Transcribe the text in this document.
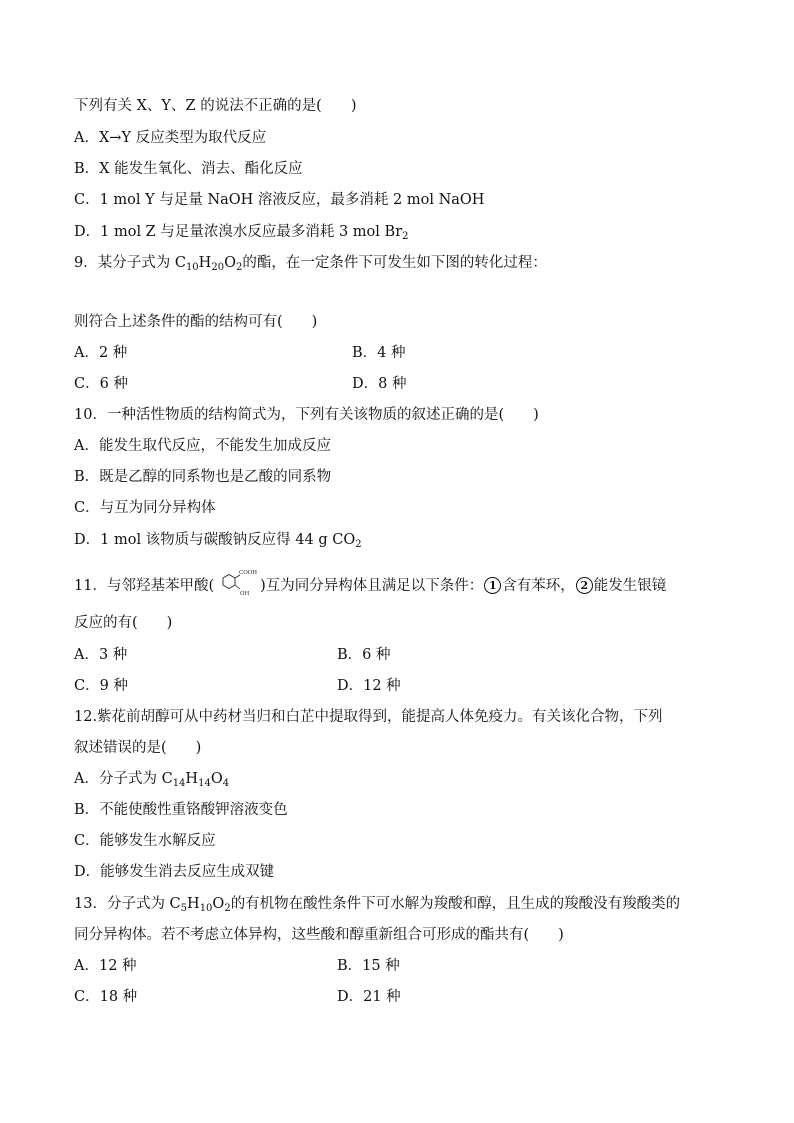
下列有关 X、Y、Z 的说法不正确的是(　　)
A．X→Y 反应类型为取代反应
B．X 能发生氧化、消去、酯化反应
C．1 mol Y 与足量 NaOH 溶液反应，最多消耗 2 mol NaOH
D．1 mol Z 与足量浓溴水反应最多消耗 3 mol $Br_2$
9．某分子式为 $C_{10}H_{20}O_2$的酯，在一定条件下可发生如下图的转化过程：
则符合上述条件的酯的结构可有(　　)
A．2 种	B．4 种
C．6 种	D．8 种
10．一种活性物质的结构简式为，下列有关该物质的叙述正确的是(　　)
A．能发生取代反应，不能发生加成反应
B．既是乙醇的同系物也是乙酸的同系物
C．与互为同分异构体
D．1 mol 该物质与碳酸钠反应得 44 g $CO_2$
11．与邻羟基苯甲酸(
COOH
OH )互为同分异构体且满足以下条件： 1 含有苯环， 2 能发生银镜
反应的有(　　)
A．3 种	B．6 种
C．9 种	D．12 种
12.紫花前胡醇可从中药材当归和白芷中提取得到，能提高人体免疫力。有关该化合物，下列
叙述错误的是(　　)
A．分子式为 $C_{14}H_{14}O_4$
B．不能使酸性重铬酸钾溶液变色
C．能够发生水解反应
D．能够发生消去反应生成双键
13．分子式为 $C_5H_{10}O_2$的有机物在酸性条件下可水解为羧酸和醇，且生成的羧酸没有羧酸类的
同分异构体。若不考虑立体异构，这些酸和醇重新组合可形成的酯共有(　　)
A．12 种	B．15 种
C．18 种	D．21 种
